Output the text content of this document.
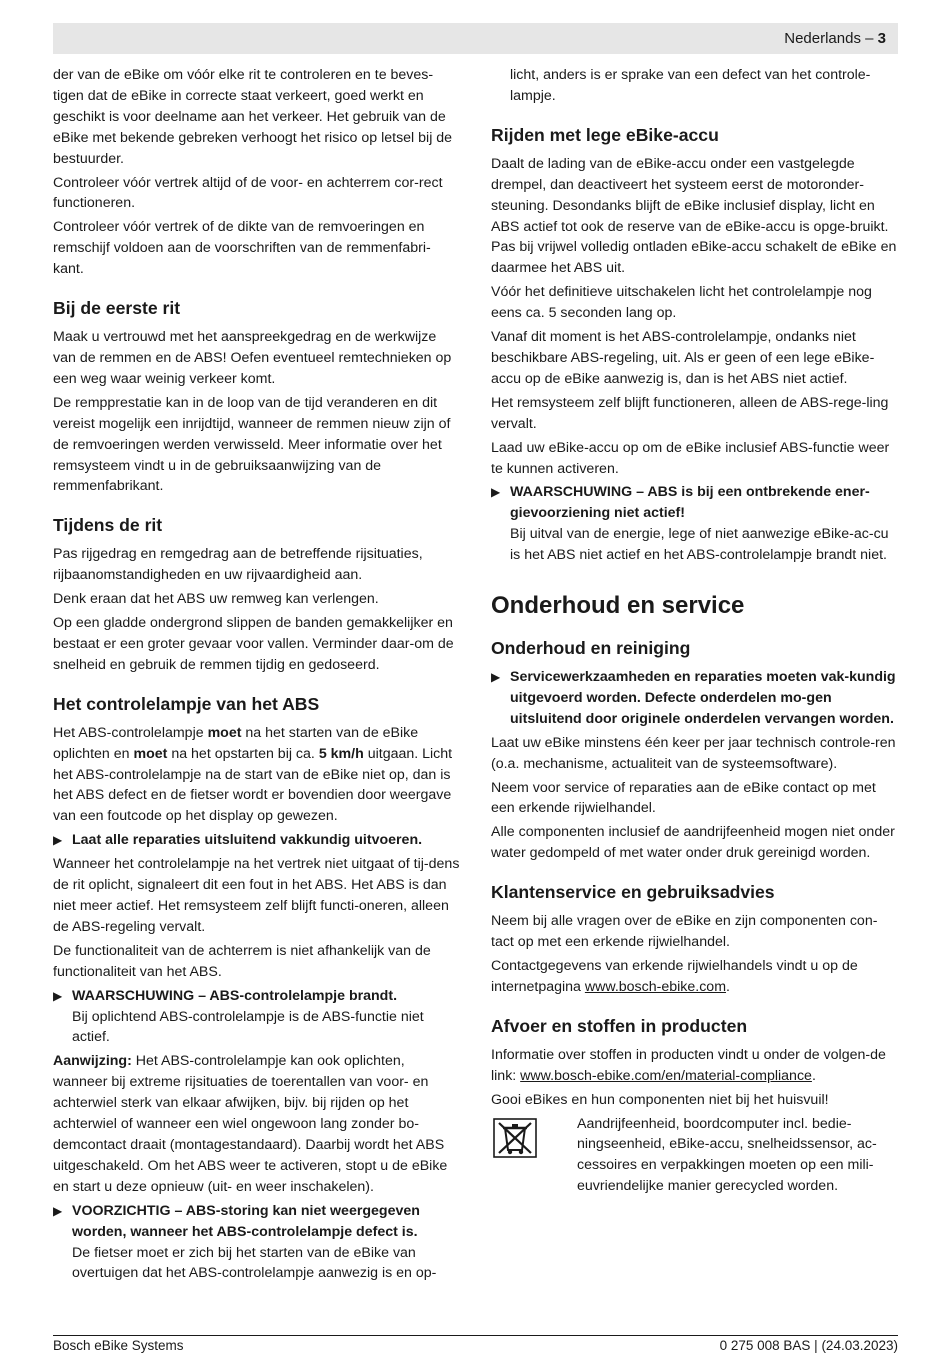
Nederlands – 3

der van de eBike om vóór elke rit te controleren en te beves-tigen dat de eBike in correcte staat verkeert, goed werkt en geschikt is voor deelname aan het verkeer. Het gebruik van de eBike met bekende gebreken verhoogt het risico op letsel bij de bestuurder.

Controleer vóór vertrek altijd of de voor- en achterrem cor-rect functioneren.

Controleer vóór vertrek of de dikte van de remvoeringen en remschijf voldoen aan de voorschriften van de remmenfabri-kant.

Bij de eerste rit

Maak u vertrouwd met het aanspreekgedrag en de werkwijze van de remmen en de ABS! Oefen eventueel remtechnieken op een weg waar weinig verkeer komt.

De rempprestatie kan in de loop van de tijd veranderen en dit vereist mogelijk een inrijdtijd, wanneer de remmen nieuw zijn of de remvoeringen werden verwisseld. Meer informatie over het remsysteem vindt u in de gebruiksaanwijzing van de remmenfabrikant.

Tijdens de rit

Pas rijgedrag en remgedrag aan de betreffende rijsituaties, rijbaanomstandigheden en uw rijvaardigheid aan.

Denk eraan dat het ABS uw remweg kan verlengen.

Op een gladde ondergrond slippen de banden gemakkelijker en bestaat er een groter gevaar voor vallen. Verminder daar-om de snelheid en gebruik de remmen tijdig en gedoseerd.

Het controlelampje van het ABS

Het ABS-controlelampje moet na het starten van de eBike oplichten en moet na het opstarten bij ca. 5 km/h uitgaan. Licht het ABS-controlelampje na de start van de eBike niet op, dan is het ABS defect en de fietser wordt er bovendien door weergave van een foutcode op het display op gewezen.

▶ Laat alle reparaties uitsluitend vakkundig uitvoeren.

Wanneer het controlelampje na het vertrek niet uitgaat of tij-dens de rit oplicht, signaleert dit een fout in het ABS. Het ABS is dan niet meer actief. Het remsysteem zelf blijft functi-oneren, alleen de ABS-regeling vervalt.

De functionaliteit van de achterrem is niet afhankelijk van de functionaliteit van het ABS.

▶ WAARSCHUWING – ABS-controlelampje brandt.
Bij oplichtend ABS-controlelampje is de ABS-functie niet actief.

Aanwijzing: Het ABS-controlelampje kan ook oplichten, wanneer bij extreme rijsituaties de toerentallen van voor- en achterwiel sterk van elkaar afwijken, bijv. bij rijden op het achterwiel of wanneer een wiel ongewoon lang zonder bo-demcontact draait (montagestandaard). Daarbij wordt het ABS uitgeschakeld. Om het ABS weer te activeren, stopt u de eBike en start u deze opnieuw (uit- en weer inschakelen).

▶ VOORZICHTIG – ABS-storing kan niet weergegeven worden, wanneer het ABS-controlelampje defect is.
De fietser moet er zich bij het starten van de eBike van overtuigen dat het ABS-controlelampje aanwezig is en op-
licht, anders is er sprake van een defect van het controle-lampje.
Rijden met lege eBike-accu

Daalt de lading van de eBike-accu onder een vastgelegde drempel, dan deactiveert het systeem eerst de motoronder-steuning. Desondanks blijft de eBike inclusief display, licht en ABS actief tot ook de reserve van de eBike-accu is opge-bruikt. Pas bij vrijwel volledig ontladen eBike-accu schakelt de eBike en daarmee het ABS uit.

Vóór het definitieve uitschakelen licht het controlelampje nog eens ca. 5 seconden lang op.

Vanaf dit moment is het ABS-controlelampje, ondanks niet beschikbare ABS-regeling, uit. Als er geen of een lege eBike-accu op de eBike aanwezig is, dan is het ABS niet actief.

Het remsysteem zelf blijft functioneren, alleen de ABS-rege-ling vervalt.

Laad uw eBike-accu op om de eBike inclusief ABS-functie weer te kunnen activeren.

▶ WAARSCHUWING – ABS is bij een ontbrekende ener-gievoorziening niet actief!
Bij uitval van de energie, lege of niet aanwezige eBike-ac-cu is het ABS niet actief en het ABS-controlelampje brandt niet.
Onderhoud en service
Onderhoud en reiniging
▶ Servicewerkzaamheden en reparaties moeten vak-kundig uitgevoerd worden. Defecte onderdelen mo-gen uitsluitend door originele onderdelen vervangen worden.

Laat uw eBike minstens één keer per jaar technisch controle-ren (o.a. mechanisme, actualiteit van de systeemsoftware).

Neem voor service of reparaties aan de eBike contact op met een erkende rijwielhandel.

Alle componenten inclusief de aandrijfeenheid mogen niet onder water gedompeld of met water onder druk gereinigd worden.

Klantenservice en gebruiksadvies

Neem bij alle vragen over de eBike en zijn componenten con-tact op met een erkende rijwielhandel.

Contactgegevens van erkende rijwielhandels vindt u op de internetpagina www.bosch-ebike.com.

Afvoer en stoffen in producten

Informatie over stoffen in producten vindt u onder de volgen-de link: www.bosch-ebike.com/en/material-compliance.

Gooi eBikes en hun componenten niet bij het huisvuil!

Aandrijfeenheid, boordcomputer incl. bedie-ningseenheid, eBike-accu, snelheidssensor, ac-cessoires en verpakkingen moeten op een mili-euvriendelijke manier gerecycled worden.

Bosch eBike Systems	0 275 008 BAS | (24.03.2023)
